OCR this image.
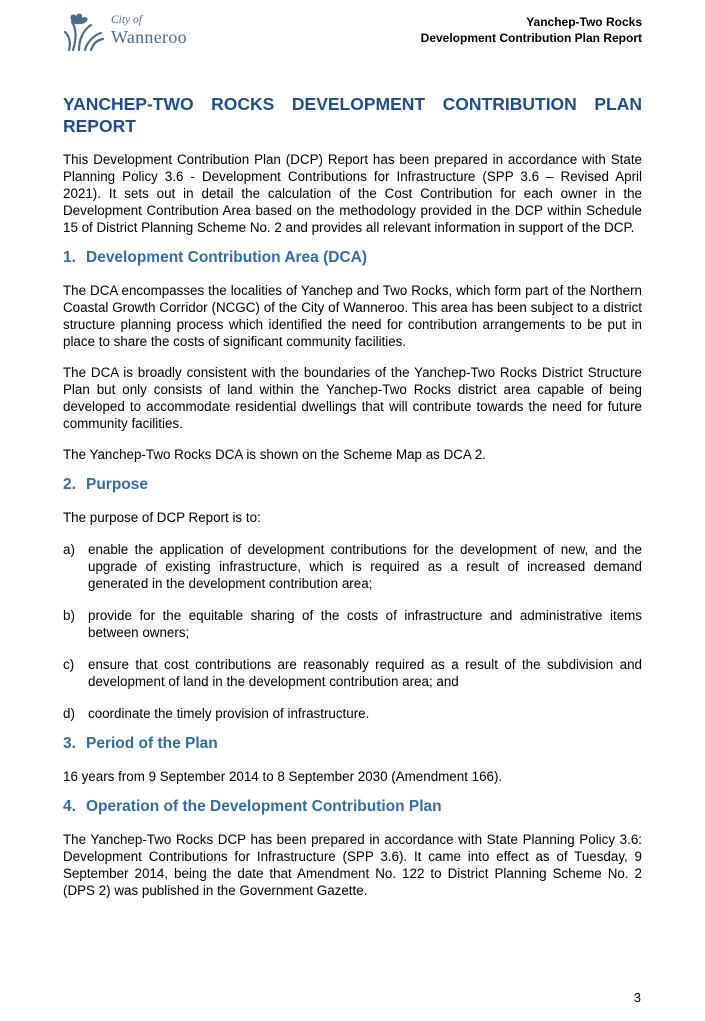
City of
Wanneroo
Yanchep-Two Rocks
Development Contribution Plan Report
YANCHEP-TWO ROCKS DEVELOPMENT CONTRIBUTION PLAN
REPORT

This Development Contribution Plan (DCP) Report has been prepared in accordance with State Planning Policy 3.6 - Development Contributions for Infrastructure (SPP 3.6 – Revised April 2021). It sets out in detail the calculation of the Cost Contribution for each owner in the Development Contribution Area based on the methodology provided in the DCP within Schedule 15 of District Planning Scheme No. 2 and provides all relevant information in support of the DCP.

1. Development Contribution Area (DCA)

The DCA encompasses the localities of Yanchep and Two Rocks, which form part of the Northern Coastal Growth Corridor (NCGC) of the City of Wanneroo. This area has been subject to a district structure planning process which identified the need for contribution arrangements to be put in place to share the costs of significant community facilities.

The DCA is broadly consistent with the boundaries of the Yanchep-Two Rocks District Structure Plan but only consists of land within the Yanchep-Two Rocks district area capable of being developed to accommodate residential dwellings that will contribute towards the need for future community facilities.

The Yanchep-Two Rocks DCA is shown on the Scheme Map as DCA 2.

2. Purpose

The purpose of DCP Report is to:

a) enable the application of development contributions for the development of new, and the upgrade of existing infrastructure, which is required as a result of increased demand generated in the development contribution area;
b) provide for the equitable sharing of the costs of infrastructure and administrative items between owners;
c)	ensure that cost contributions are reasonably required as a result of the subdivision and development of land in the development contribution area; and
d) coordinate the timely provision of infrastructure.
3. Period of the Plan

16 years from 9 September 2014 to 8 September 2030 (Amendment 166).

4. Operation of the Development Contribution Plan

The Yanchep-Two Rocks DCP has been prepared in accordance with State Planning Policy 3.6: Development Contributions for Infrastructure (SPP 3.6). It came into effect as of Tuesday, 9 September 2014, being the date that Amendment No. 122 to District Planning Scheme No. 2 (DPS 2) was published in the Government Gazette.

3
